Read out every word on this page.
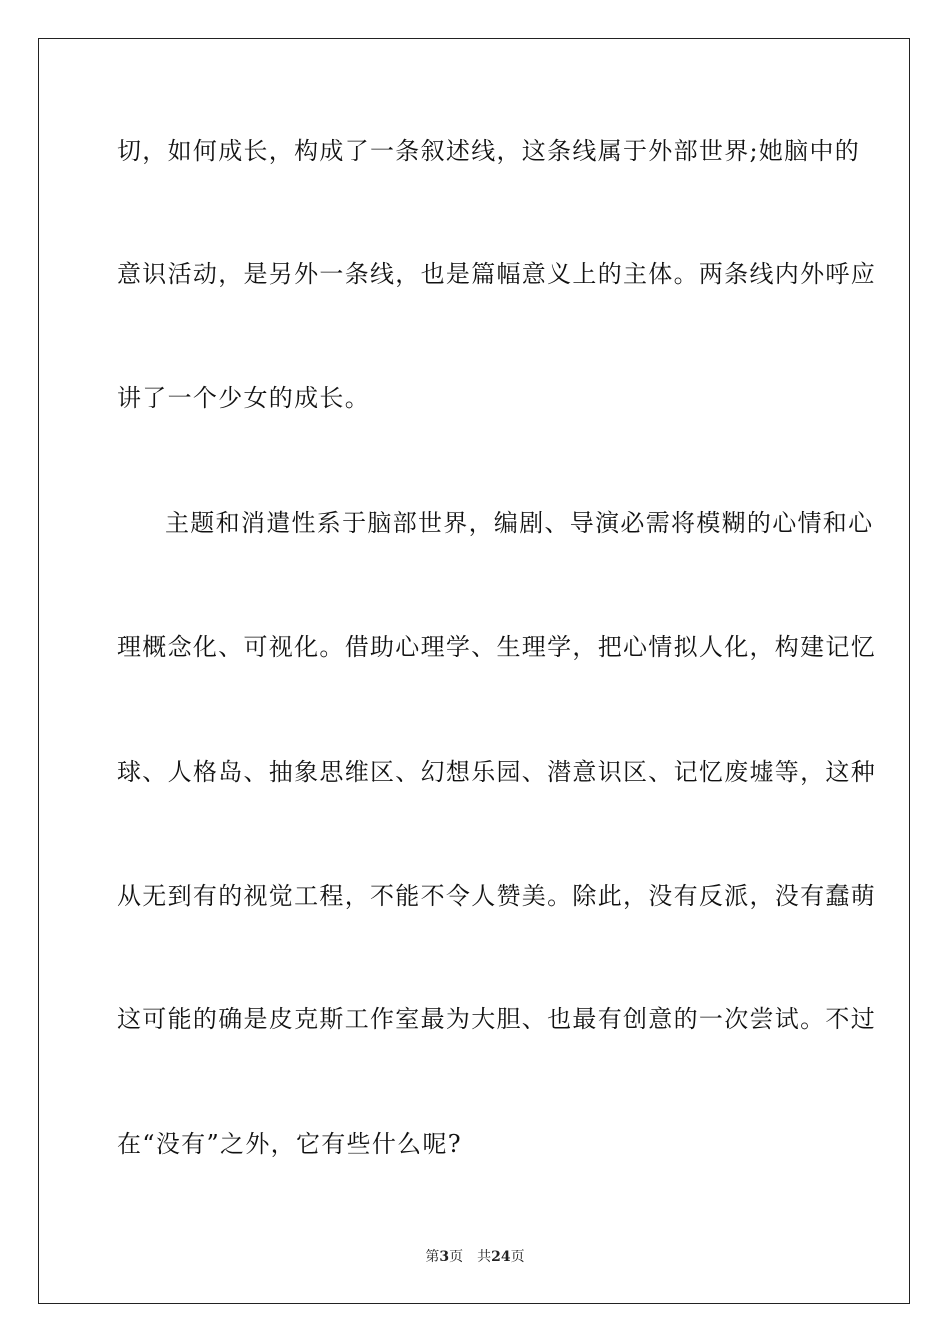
切，如何成长，构成了一条叙述线，这条线属于外部世界;她脑中的
意识活动，是另外一条线，也是篇幅意义上的主体。两条线内外呼应
讲了一个少女的成长。
主题和消遣性系于脑部世界，编剧、导演必需将模糊的心情和心
理概念化、可视化。借助心理学、生理学，把心情拟人化，构建记忆
球、人格岛、抽象思维区、幻想乐园、潜意识区、记忆废墟等，这种
从无到有的视觉工程，不能不令人赞美。除此，没有反派，没有蠢萌
这可能的确是皮克斯工作室最为大胆、也最有创意的一次尝试。不过
在“没有”之外，它有些什么呢?
第3页 共24页
